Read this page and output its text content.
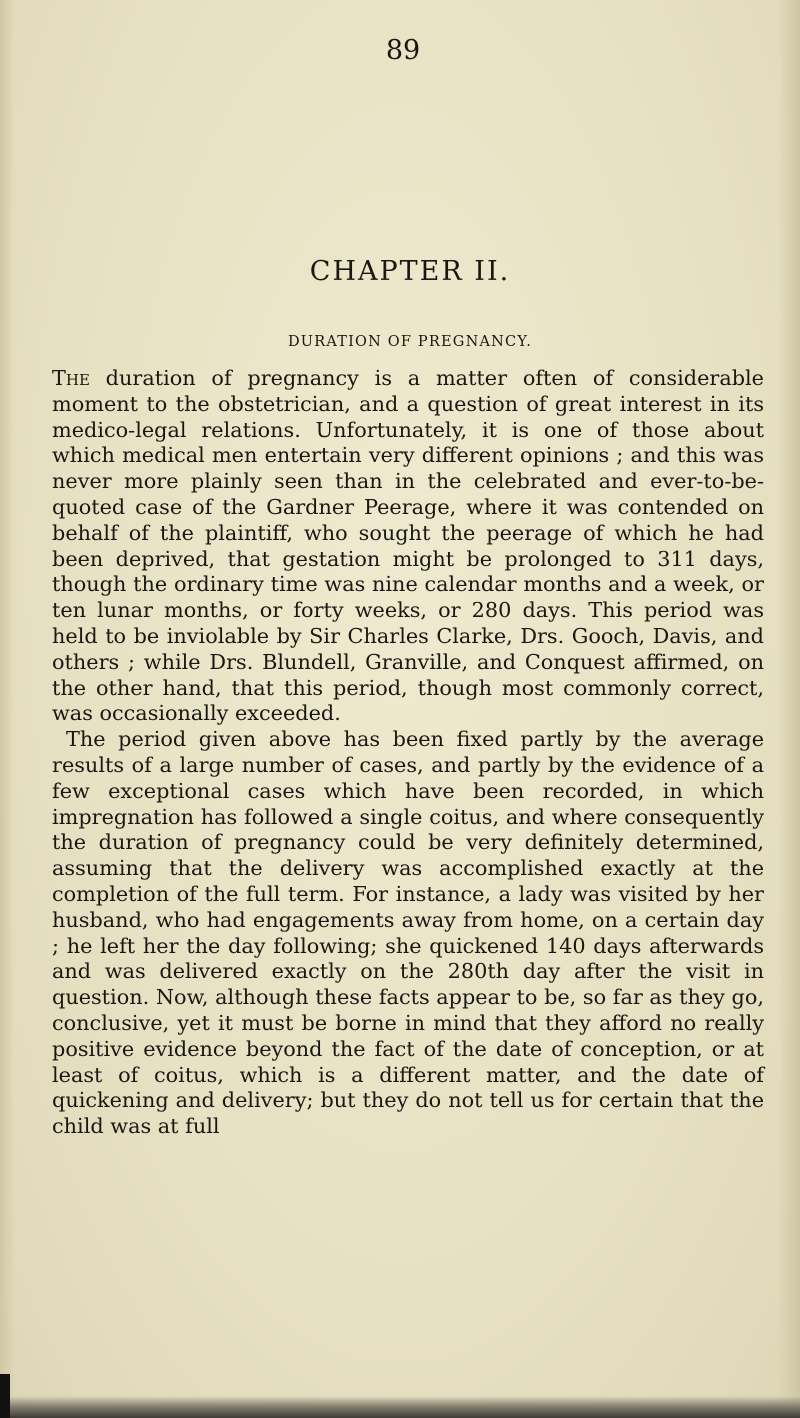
89
CHAPTER II.
DURATION OF PREGNANCY.

The duration of pregnancy is a matter often of considerable moment to the obstetrician, and a question of great interest in its medico-legal relations. Unfortunately, it is one of those about which medical men entertain very different opinions ; and this was never more plainly seen than in the celebrated and ever-to-be-quoted case of the Gardner Peerage, where it was contended on behalf of the plaintiff, who sought the peerage of which he had been deprived, that gestation might be prolonged to 311 days, though the ordinary time was nine calendar months and a week, or ten lunar months, or forty weeks, or 280 days. This period was held to be inviolable by Sir Charles Clarke, Drs. Gooch, Davis, and others ; while Drs. Blundell, Granville, and Conquest affirmed, on the other hand, that this period, though most commonly correct, was occasionally exceeded.

The period given above has been fixed partly by the average results of a large number of cases, and partly by the evidence of a few exceptional cases which have been recorded, in which impregnation has followed a single coitus, and where consequently the duration of pregnancy could be very definitely determined, assuming that the delivery was accomplished exactly at the completion of the full term. For instance, a lady was visited by her husband, who had engagements away from home, on a certain day ; he left her the day following; she quickened 140 days afterwards and was delivered exactly on the 280th day after the visit in question. Now, although these facts appear to be, so far as they go, conclusive, yet it must be borne in mind that they afford no really positive evidence beyond the fact of the date of conception, or at least of coitus, which is a different matter, and the date of quickening and delivery; but they do not tell us for certain that the child was at full
